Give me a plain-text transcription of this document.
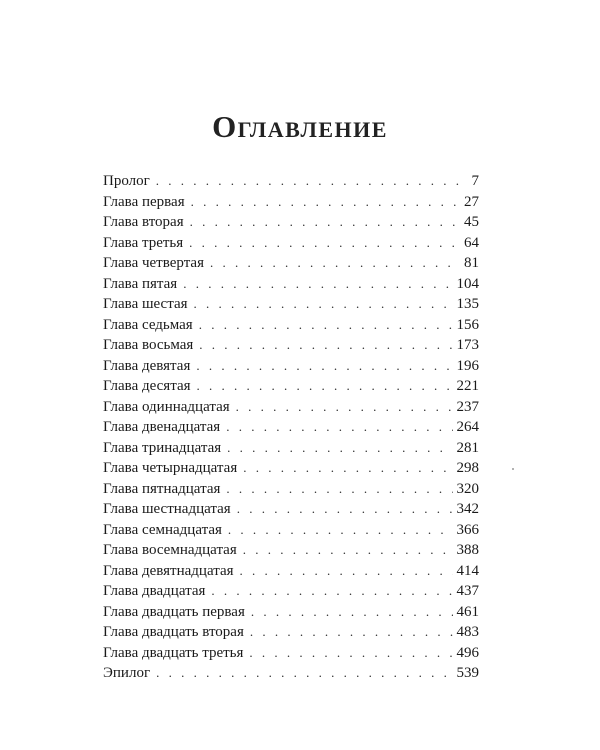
Оглавление
Пролог . . .	7
Глава первая . . .	27
Глава вторая . . .	45
Глава третья . . .	64
Глава четвертая . . .	81
Глава пятая . . .	104
Глава шестая . . .	135
Глава седьмая . . .	156
Глава восьмая . . .	173
Глава девятая . . .	196
Глава десятая . . .	221
Глава одиннадцатая . . .	237
Глава двенадцатая . . .	264
Глава тринадцатая . . .	281
Глава четырнадцатая . . .	298
Глава пятнадцатая . . .	320
Глава шестнадцатая . . .	342
Глава семнадцатая . . .	366
Глава восемнадцатая . . .	388
Глава девятнадцатая . . .	414
Глава двадцатая . . .	437
Глава двадцать первая . . .	461
Глава двадцать вторая . . .	483
Глава двадцать третья . . .	496
Эпилог . . .	539
